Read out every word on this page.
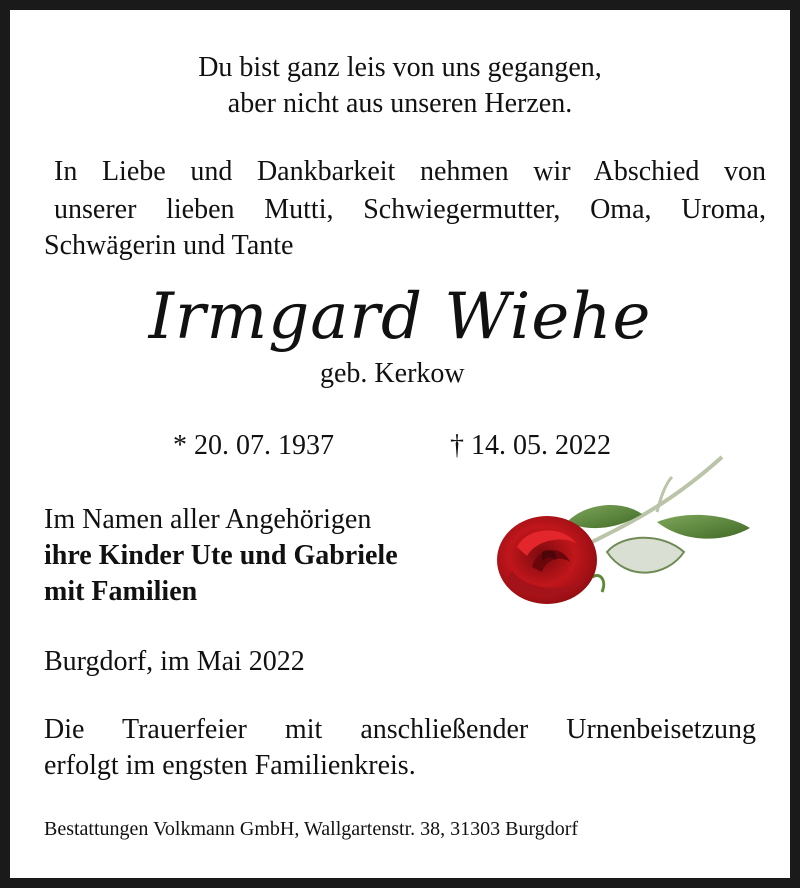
Du bist ganz leis von uns gegangen,
aber nicht aus unseren Herzen.
In Liebe und Dankbarkeit nehmen wir Abschied von
unserer lieben Mutti, Schwiegermutter, Oma, Uroma,
Schwägerin und Tante
Irmgard Wiehe
geb. Kerkow
* 20. 07. 1937	† 14. 05. 2022
Im Namen aller Angehörigen
ihre Kinder Ute und Gabriele
mit Familien
Burgdorf, im Mai 2022
Die Trauerfeier mit anschließender Urnenbeisetzung
erfolgt im engsten Familienkreis.
Bestattungen Volkmann GmbH, Wallgartenstr. 38, 31303 Burgdorf
